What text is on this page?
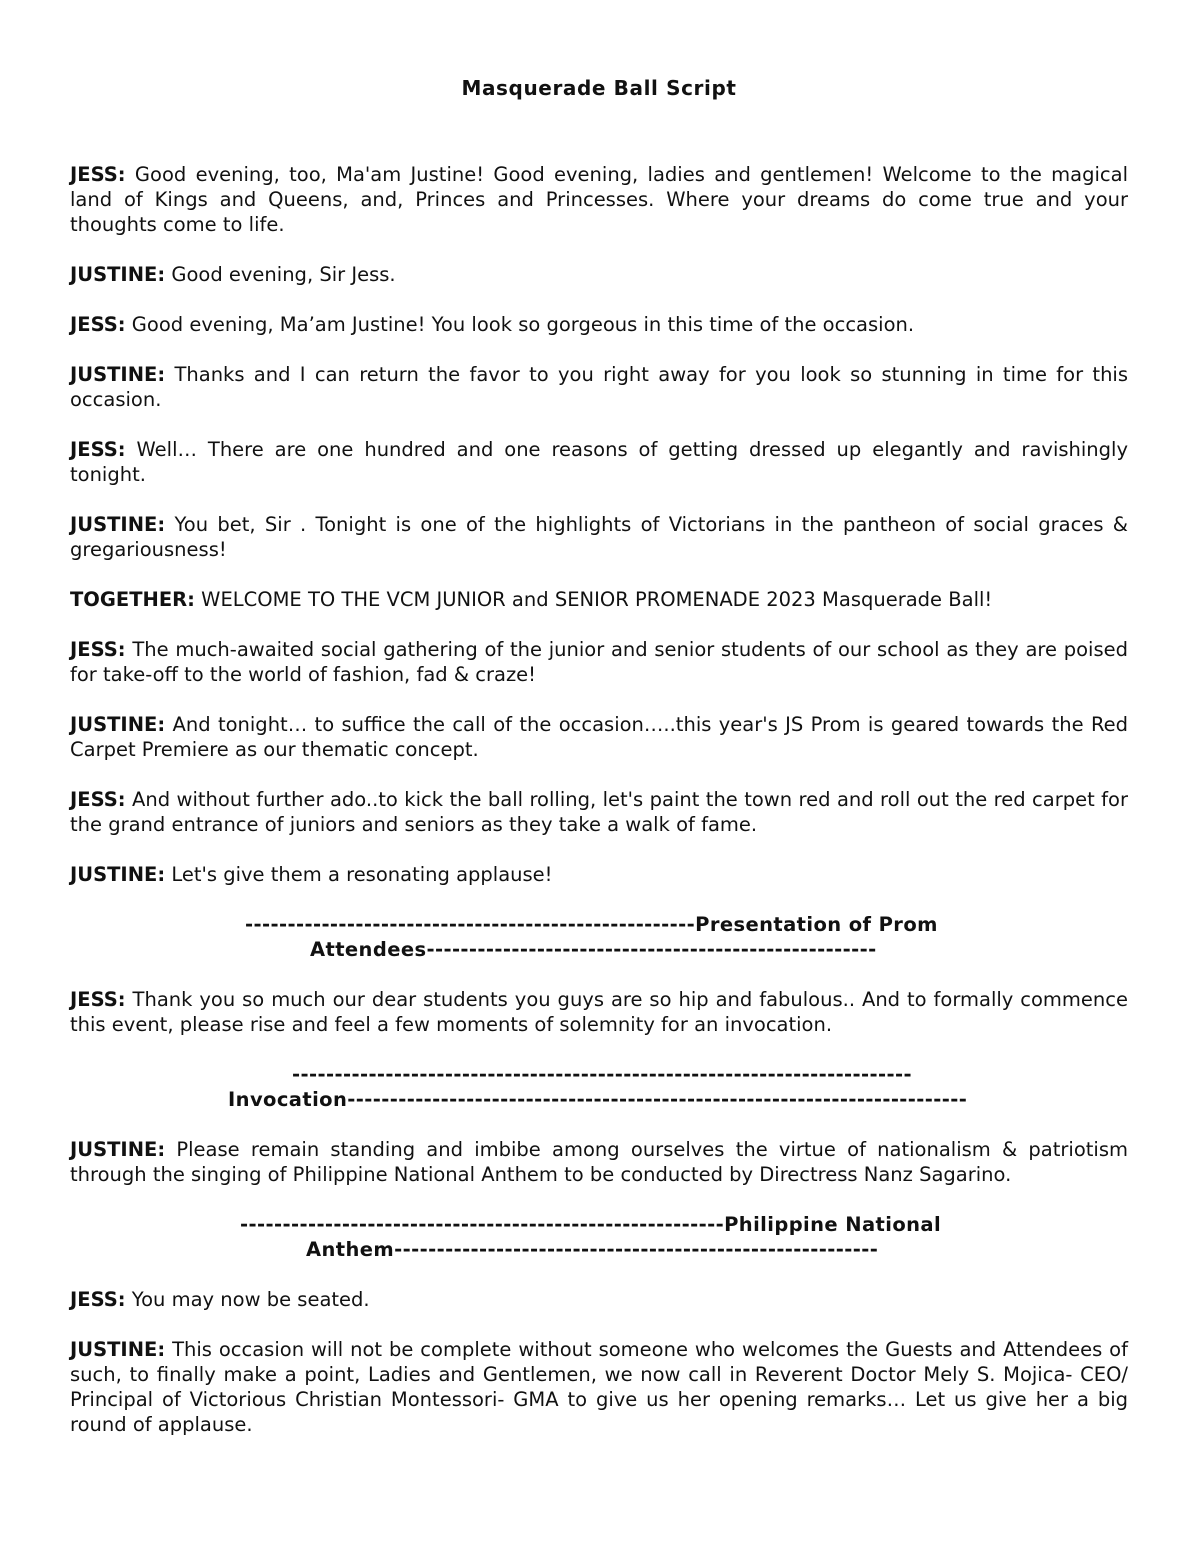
Masquerade Ball Script

JESS: Good evening, too, Ma'am Justine! Good evening, ladies and gentlemen! Welcome to the magical land of Kings and Queens, and, Princes and Princesses. Where your dreams do come true and your thoughts come to life.

JUSTINE: Good evening, Sir Jess.

JESS: Good evening, Ma’am Justine! You look so gorgeous in this time of the occasion.

JUSTINE: Thanks and I can return the favor to you right away for you look so stunning in time for this occasion.

JESS: Well… There are one hundred and one reasons of getting dressed up elegantly and ravishingly tonight.

JUSTINE: You bet, Sir . Tonight is one of the highlights of Victorians in the pantheon of social graces & gregariousness!

TOGETHER: WELCOME TO THE VCM JUNIOR and SENIOR PROMENADE 2023 Masquerade Ball!

JESS: The much-awaited social gathering of the junior and senior students of our school as they are poised for take-off to the world of fashion, fad & craze!

JUSTINE: And tonight… to suffice the call of the occasion…..this year's JS Prom is geared towards the Red Carpet Premiere as our thematic concept.

JESS: And without further ado..to kick the ball rolling, let's paint the town red and roll out the red carpet for the grand entrance of juniors and seniors as they take a walk of fame.

JUSTINE: Let's give them a resonating applause!

-----------------------------------------------------Presentation of Prom
Attendees-----------------------------------------------------

JESS: Thank you so much our dear students you guys are so hip and fabulous.. And to formally commence this event, please rise and feel a few moments of solemnity for an invocation.

-------------------------------------------------------------------------
Invocation-------------------------------------------------------------------------

JUSTINE: Please remain standing and imbibe among ourselves the virtue of nationalism & patriotism through the singing of Philippine National Anthem to be conducted by Directress Nanz Sagarino.

---------------------------------------------------------Philippine National
Anthem---------------------------------------------------------

JESS: You may now be seated.

JUSTINE: This occasion will not be complete without someone who welcomes the Guests and Attendees of such, to finally make a point, Ladies and Gentlemen, we now call in Reverent Doctor Mely S. Mojica- CEO/ Principal of Victorious Christian Montessori- GMA to give us her opening remarks… Let us give her a big round of applause.
